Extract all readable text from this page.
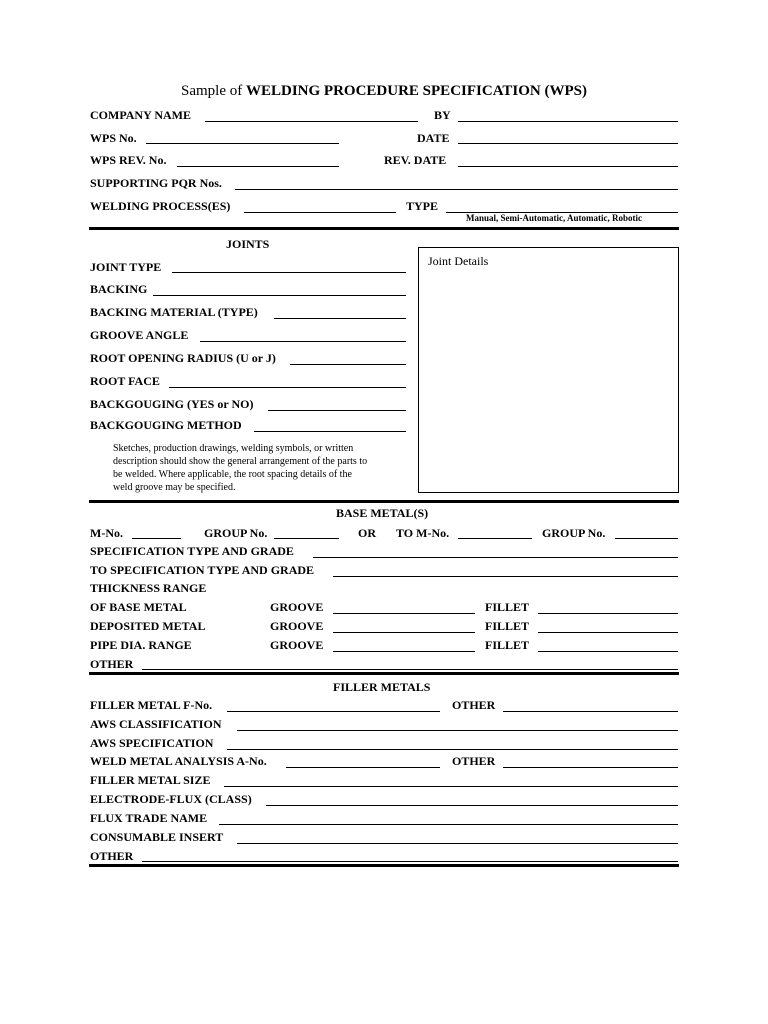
Sample of WELDING PROCEDURE SPECIFICATION (WPS)
COMPANY NAME	BY
WPS No.	DATE
WPS REV. No.	REV. DATE
SUPPORTING PQR Nos.
WELDING PROCESS(ES)	TYPE
Manual, Semi-Automatic, Automatic, Robotic
JOINTS
JOINT TYPE
BACKING
BACKING MATERIAL (TYPE)
GROOVE ANGLE
ROOT OPENING RADIUS (U or J)
ROOT FACE
BACKGOUGING (YES or NO)
BACKGOUGING METHOD
Sketches, production drawings, welding symbols, or written
description should show the general arrangement of the parts to
be welded. Where applicable, the root spacing details of the
weld groove may be specified.
Joint Details
BASE METAL(S)
M-No.	GROUP No.	OR TO M-No.	GROUP No.
SPECIFICATION TYPE AND GRADE
TO SPECIFICATION TYPE AND GRADE
THICKNESS RANGE
OF BASE METAL	GROOVE	FILLET
DEPOSITED METAL	GROOVE	FILLET
PIPE DIA. RANGE	GROOVE	FILLET
OTHER
FILLER METALS
FILLER METAL F-No.	OTHER
AWS CLASSIFICATION
AWS SPECIFICATION
WELD METAL ANALYSIS A-No.	OTHER
FILLER METAL SIZE
ELECTRODE-FLUX (CLASS)
FLUX TRADE NAME
CONSUMABLE INSERT
OTHER
